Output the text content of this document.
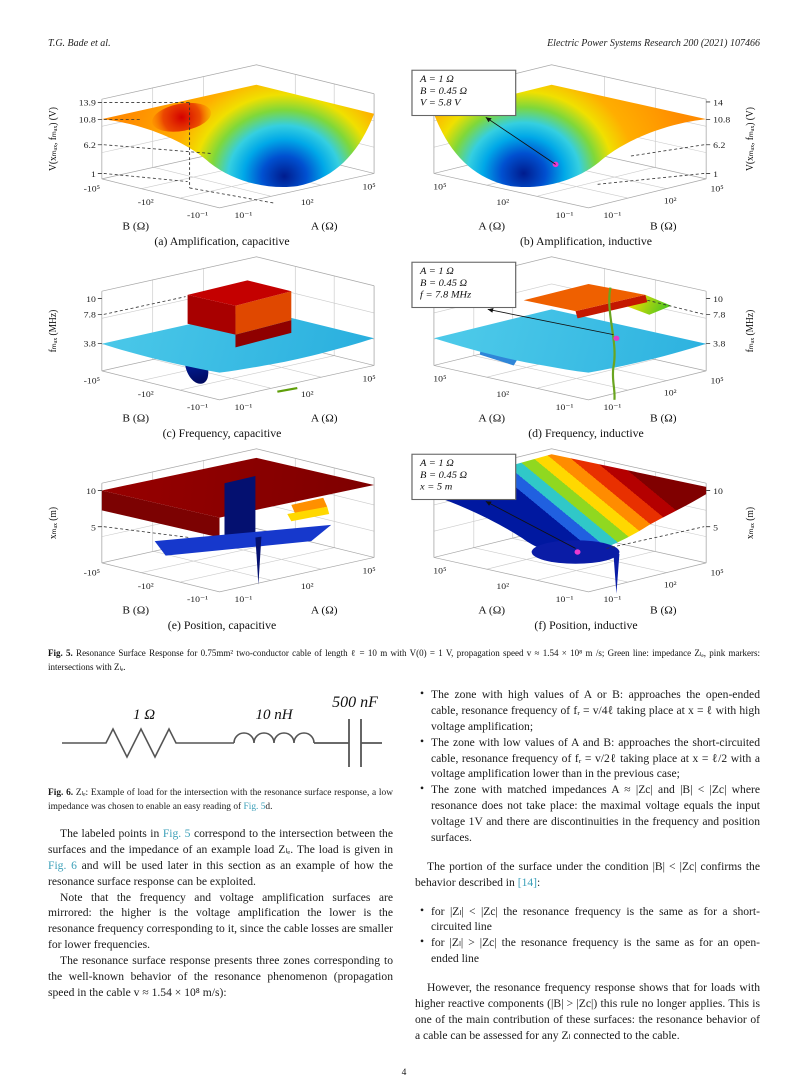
T.G. Bade et al.	Electric Power Systems Research 200 (2021) 107466
13.9
10.8
6.2
1
-10⁵
-10²
-10⁻¹	10⁻¹
10²
10⁵
B (Ω)	A (Ω)
V(xₘₐₓ, fₘₐₓ) (V)
(a) Amplification, capacitive
A = 1 Ω
B = 0.45 Ω
V = 5.8 V	14
10.8
6.2
1
10⁵
10²
10⁻¹	10⁻¹
10²
10⁵
A (Ω)	B (Ω)
V(xₘₐₓ, fₘₐₓ) (V)
(b) Amplification, inductive
10
7.8
3.8
-10⁵
-10²
-10⁻¹	10⁻¹
10²
10⁵
B (Ω)	A (Ω)
fₘₐₓ (MHz)
(c) Frequency, capacitive
A = 1 Ω
B = 0.45 Ω
f = 7.8 MHz	10
7.8
3.8
10⁵
10²
10⁻¹	10⁻¹
10²
10⁵
A (Ω)	B (Ω)
fₘₐₓ (MHz)
(d) Frequency, inductive
10
5
-10⁵
-10²
-10⁻¹	10⁻¹
10²
10⁵
B (Ω)	A (Ω)
xₘₐₓ (m)
(e) Position, capacitive
A = 1 Ω
B = 0.45 Ω
x = 5 m	10
5
10⁵
10²
10⁻¹	10⁻¹
10²
10⁵
A (Ω)	B (Ω)
xₘₐₓ (m)
(f) Position, inductive
Fig. 5. Resonance Surface Response for 0.75mm² two-conductor cable of length ℓ = 10 m with V(0) = 1 V, propagation speed v ≈ 1.54 × 10⁸ m /s; Green line: impedance Zₗₑ, pink markers: intersections with Zₗₑ.
1 Ω	10 nH
500 nF
Fig. 6. Zₗₑ: Example of load for the intersection with the resonance surface response, a low impedance was chosen to enable an easy reading of Fig. 5d.

The labeled points in Fig. 5 correspond to the intersection between the surfaces and the impedance of an example load Zₗₑ. The load is given in Fig. 6 and will be used later in this section as an example of how the resonance surface response can be exploited.

Note that the frequency and voltage amplification surfaces are mirrored: the higher is the voltage amplification the lower is the resonance frequency corresponding to it, since the cable losses are smaller for lower frequencies.

The resonance surface response presents three zones corresponding to the well-known behavior of the resonance phenomenon (propagation speed in the cable v ≈ 1.54 × 10⁸ m/s):

• The zone with high values of A or B: approaches the open-ended cable, resonance frequency of fᵣ = v/4ℓ taking place at x = ℓ with high voltage amplification;
• The zone with low values of A and B: approaches the short-circuited cable, resonance frequency of fᵣ = v/2ℓ taking place at x = ℓ/2 with a voltage amplification lower than in the previous case;
• The zone with matched impedances A ≈ |Zc| and |B| < |Zc| where resonance does not take place: the maximal voltage equals the input voltage 1V and there are discontinuities in the frequency and position surfaces.

The portion of the surface under the condition |B| < |Zc| confirms the behavior described in [14]:

• for |Zₗ| < |Zc| the resonance frequency is the same as for a short-circuited line
• for |Zₗ| > |Zc| the resonance frequency is the same as for an open-ended line

However, the resonance frequency response shows that for loads with higher reactive components (|B| > |Zc|) this rule no longer applies. This is one of the main contribution of these surfaces: the resonance behavior of a cable can be assessed for any Zₗ connected to the cable.

4
